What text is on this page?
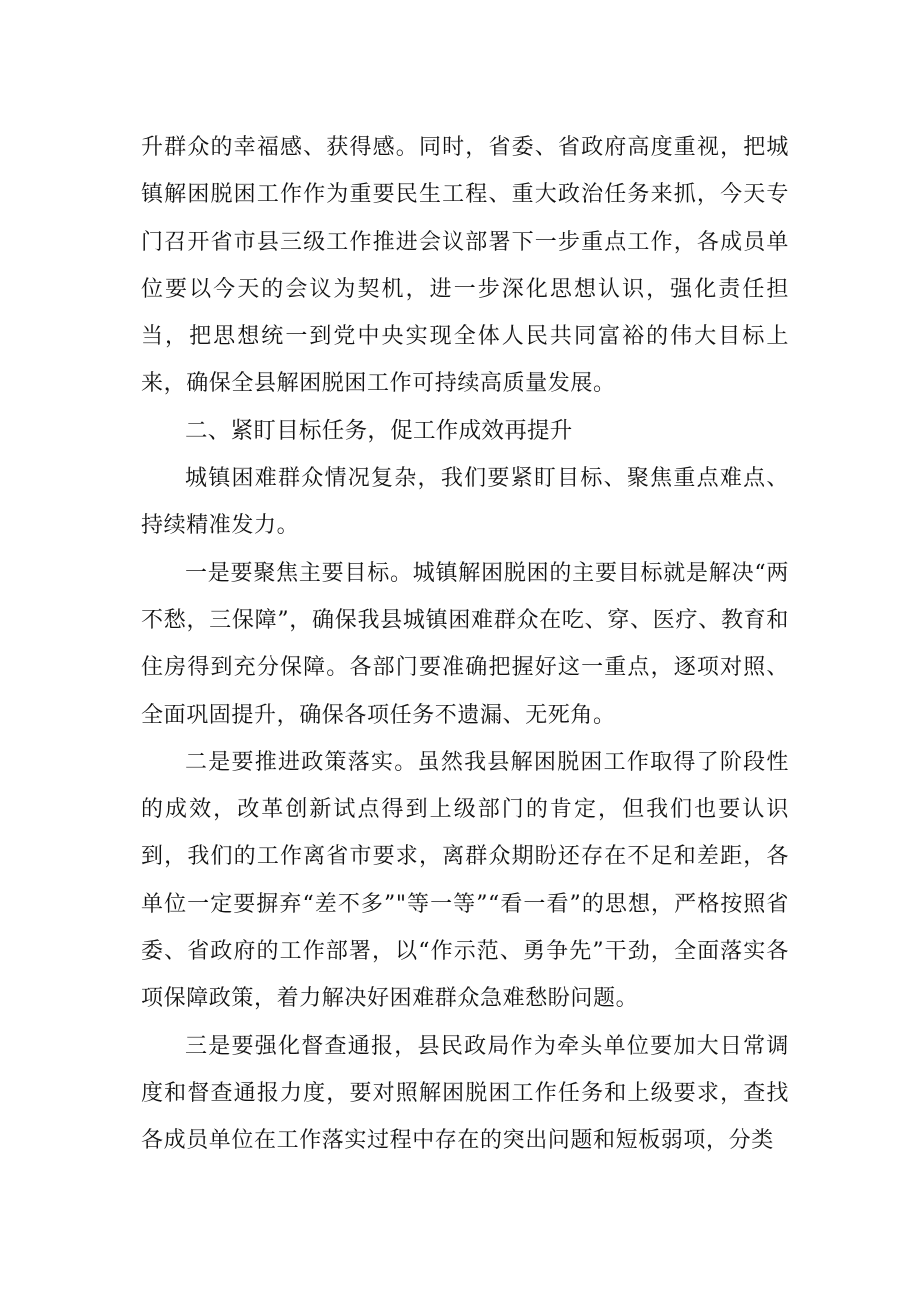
升群众的幸福感、获得感。同时，省委、省政府高度重视，把城镇解困脱困工作作为重要民生工程、重大政治任务来抓，今天专门召开省市县三级工作推进会议部署下一步重点工作，各成员单位要以今天的会议为契机，进一步深化思想认识，强化责任担当，把思想统一到党中央实现全体人民共同富裕的伟大目标上来，确保全县解困脱困工作可持续高质量发展。

二、紧盯目标任务，促工作成效再提升

城镇困难群众情况复杂，我们要紧盯目标、聚焦重点难点、持续精准发力。

一是要聚焦主要目标。城镇解困脱困的主要目标就是解决“两不愁，三保障”，确保我县城镇困难群众在吃、穿、医疗、教育和住房得到充分保障。各部门要准确把握好这一重点，逐项对照、全面巩固提升，确保各项任务不遗漏、无死角。

二是要推进政策落实。虽然我县解困脱困工作取得了阶段性的成效，改革创新试点得到上级部门的肯定，但我们也要认识到，我们的工作离省市要求，离群众期盼还存在不足和差距，各单位一定要摒弃“差不多”"等一等”“看一看”的思想，严格按照省委、省政府的工作部署，以“作示范、勇争先”干劲，全面落实各项保障政策，着力解决好困难群众急难愁盼问题。

三是要强化督查通报，县民政局作为牵头单位要加大日常调度和督查通报力度，要对照解困脱困工作任务和上级要求，查找各成员单位在工作落实过程中存在的突出问题和短板弱项，分类
